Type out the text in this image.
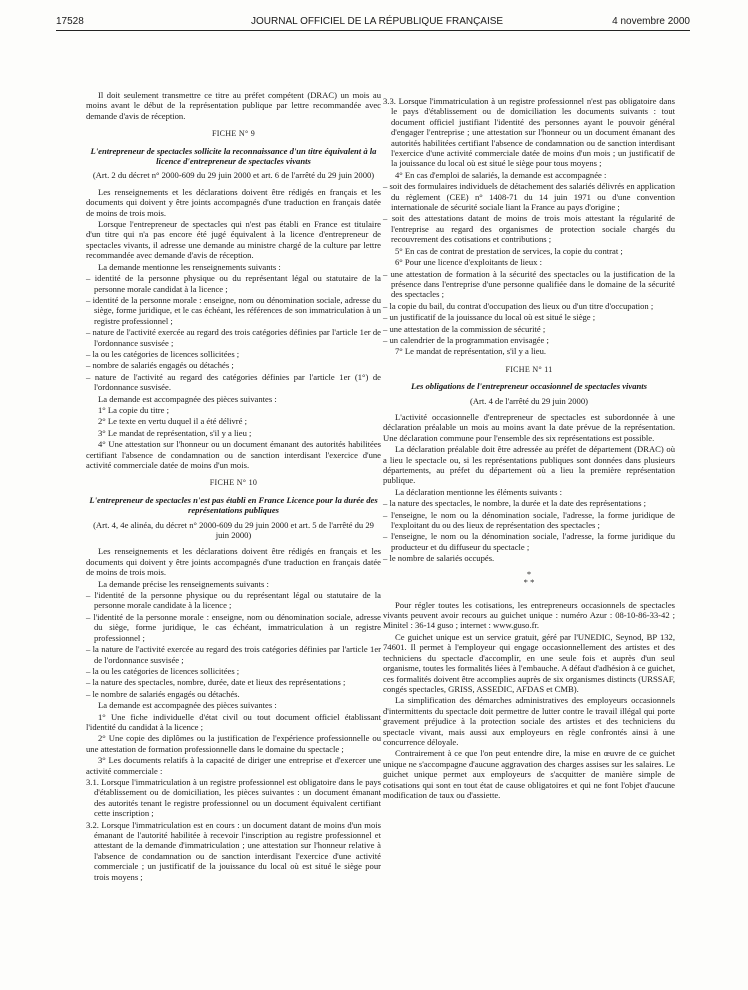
17528	JOURNAL OFFICIEL DE LA RÉPUBLIQUE FRANÇAISE	4 novembre 2000

Il doit seulement transmettre ce titre au préfet compétent (DRAC) un mois au moins avant le début de la représentation publique par lettre recommandée avec demande d'avis de réception.

FICHE N° 9

L'entrepreneur de spectacles sollicite la reconnaissance d'un titre équivalent à la licence d'entrepreneur de spectacles vivants

(Art. 2 du décret n° 2000-609 du 29 juin 2000 et art. 6 de l'arrêté du 29 juin 2000)

Les renseignements et les déclarations doivent être rédigés en français et les documents qui doivent y être joints accompagnés d'une traduction en français datée de moins de trois mois.

Lorsque l'entrepreneur de spectacles qui n'est pas établi en France est titulaire d'un titre qui n'a pas encore été jugé équivalent à la licence d'entrepreneur de spectacles vivants, il adresse une demande au ministre chargé de la culture par lettre recommandée avec demande d'avis de réception.

La demande mentionne les renseignements suivants :

– identité de la personne physique ou du représentant légal ou statutaire de la personne morale candidat à la licence ;

– identité de la personne morale : enseigne, nom ou dénomination sociale, adresse du siège, forme juridique, et le cas échéant, les références de son immatriculation à un registre professionnel ;

– nature de l'activité exercée au regard des trois catégories définies par l'article 1er de l'ordonnance susvisée ;

– la ou les catégories de licences sollicitées ;

– nombre de salariés engagés ou détachés ;

– nature de l'activité au regard des catégories définies par l'article 1er (1°) de l'ordonnance susvisée.

La demande est accompagnée des pièces suivantes :

1° La copie du titre ;

2° Le texte en vertu duquel il a été délivré ;

3° Le mandat de représentation, s'il y a lieu ;

4° Une attestation sur l'honneur ou un document émanant des autorités habilitées certifiant l'absence de condamnation ou de sanction interdisant l'exercice d'une activité commerciale datée de moins d'un mois.

FICHE N° 10

L'entrepreneur de spectacles n'est pas établi en France Licence pour la durée des représentations publiques

(Art. 4, 4e alinéa, du décret n° 2000-609 du 29 juin 2000 et art. 5 de l'arrêté du 29 juin 2000)

Les renseignements et les déclarations doivent être rédigés en français et les documents qui doivent y être joints accompagnés d'une traduction en français datée de moins de trois mois.

La demande précise les renseignements suivants :

– l'identité de la personne physique ou du représentant légal ou statutaire de la personne morale candidate à la licence ;

– l'identité de la personne morale : enseigne, nom ou dénomination sociale, adresse du siège, forme juridique, le cas échéant, immatriculation à un registre professionnel ;

– la nature de l'activité exercée au regard des trois catégories définies par l'article 1er de l'ordonnance susvisée ;

– la ou les catégories de licences sollicitées ;

– la nature des spectacles, nombre, durée, date et lieux des représentations ;

– le nombre de salariés engagés ou détachés.

La demande est accompagnée des pièces suivantes :

1° Une fiche individuelle d'état civil ou tout document officiel établissant l'identité du candidat à la licence ;

2° Une copie des diplômes ou la justification de l'expérience professionnelle ou une attestation de formation professionnelle dans le domaine du spectacle ;

3° Les documents relatifs à la capacité de diriger une entreprise et d'exercer une activité commerciale :

3.1. Lorsque l'immatriculation à un registre professionnel est obligatoire dans le pays d'établissement ou de domiciliation, les pièces suivantes : un document émanant des autorités tenant le registre professionnel ou un document équivalent certifiant cette inscription ;

3.2. Lorsque l'immatriculation est en cours : un document datant de moins d'un mois émanant de l'autorité habilitée à recevoir l'inscription au registre professionnel et attestant de la demande d'immatriculation ; une attestation sur l'honneur relative à l'absence de condamnation ou de sanction interdisant l'exercice d'une activité commerciale ; un justificatif de la jouissance du local où est situé le siège pour trois moyens ;

3.3. Lorsque l'immatriculation à un registre professionnel n'est pas obligatoire dans le pays d'établissement ou de domiciliation les documents suivants : tout document officiel justifiant l'identité des personnes ayant le pouvoir général d'engager l'entreprise ; une attestation sur l'honneur ou un document émanant des autorités habilitées certifiant l'absence de condamnation ou de sanction interdisant l'exercice d'une activité commerciale datée de moins d'un mois ; un justificatif de la jouissance du local où est situé le siège pour tous moyens ;

4° En cas d'emploi de salariés, la demande est accompagnée :

– soit des formulaires individuels de détachement des salariés délivrés en application du règlement (CEE) n° 1408-71 du 14 juin 1971 ou d'une convention internationale de sécurité sociale liant la France au pays d'origine ;

– soit des attestations datant de moins de trois mois attestant la régularité de l'entreprise au regard des organismes de protection sociale chargés du recouvrement des cotisations et contributions ;

5° En cas de contrat de prestation de services, la copie du contrat ;

6° Pour une licence d'exploitants de lieux :

– une attestation de formation à la sécurité des spectacles ou la justification de la présence dans l'entreprise d'une personne qualifiée dans le domaine de la sécurité des spectacles ;

– la copie du bail, du contrat d'occupation des lieux ou d'un titre d'occupation ;

– un justificatif de la jouissance du local où est situé le siège ;

– une attestation de la commission de sécurité ;

– un calendrier de la programmation envisagée ;

7° Le mandat de représentation, s'il y a lieu.

FICHE N° 11

Les obligations de l'entrepreneur occasionnel de spectacles vivants

(Art. 4 de l'arrêté du 29 juin 2000)

L'activité occasionnelle d'entrepreneur de spectacles est subordonnée à une déclaration préalable un mois au moins avant la date prévue de la représentation. Une déclaration commune pour l'ensemble des six représentations est possible.

La déclaration préalable doit être adressée au préfet de département (DRAC) où a lieu le spectacle ou, si les représentations publiques sont données dans plusieurs départements, au préfet du département où a lieu la première représentation publique.

La déclaration mentionne les éléments suivants :

– la nature des spectacles, le nombre, la durée et la date des représentations ;

– l'enseigne, le nom ou la dénomination sociale, l'adresse, la forme juridique de l'exploitant du ou des lieux de représentation des spectacles ;

– l'enseigne, le nom ou la dénomination sociale, l'adresse, la forme juridique du producteur et du diffuseur du spectacle ;

– le nombre de salariés occupés.

*
* *

Pour régler toutes les cotisations, les entrepreneurs occasionnels de spectacles vivants peuvent avoir recours au guichet unique : numéro Azur : 08-10-86-33-42 ; Minitel : 36-14 guso ; internet : www.guso.fr.

Ce guichet unique est un service gratuit, géré par l'UNEDIC, Seynod, BP 132, 74601. Il permet à l'employeur qui engage occasionnellement des artistes et des techniciens du spectacle d'accomplir, en une seule fois et auprès d'un seul organisme, toutes les formalités liées à l'embauche. A défaut d'adhésion à ce guichet, ces formalités doivent être accomplies auprès de six organismes distincts (URSSAF, congés spectacles, GRISS, ASSEDIC, AFDAS et CMB).

La simplification des démarches administratives des employeurs occasionnels d'intermittents du spectacle doit permettre de lutter contre le travail illégal qui porte gravement préjudice à la protection sociale des artistes et des techniciens du spectacle vivant, mais aussi aux employeurs en règle confrontés ainsi à une concurrence déloyale.

Contrairement à ce que l'on peut entendre dire, la mise en œuvre de ce guichet unique ne s'accompagne d'aucune aggravation des charges assises sur les salaires. Le guichet unique permet aux employeurs de s'acquitter de manière simple de cotisations qui sont en tout état de cause obligatoires et qui ne font l'objet d'aucune modification de taux ou d'assiette.
